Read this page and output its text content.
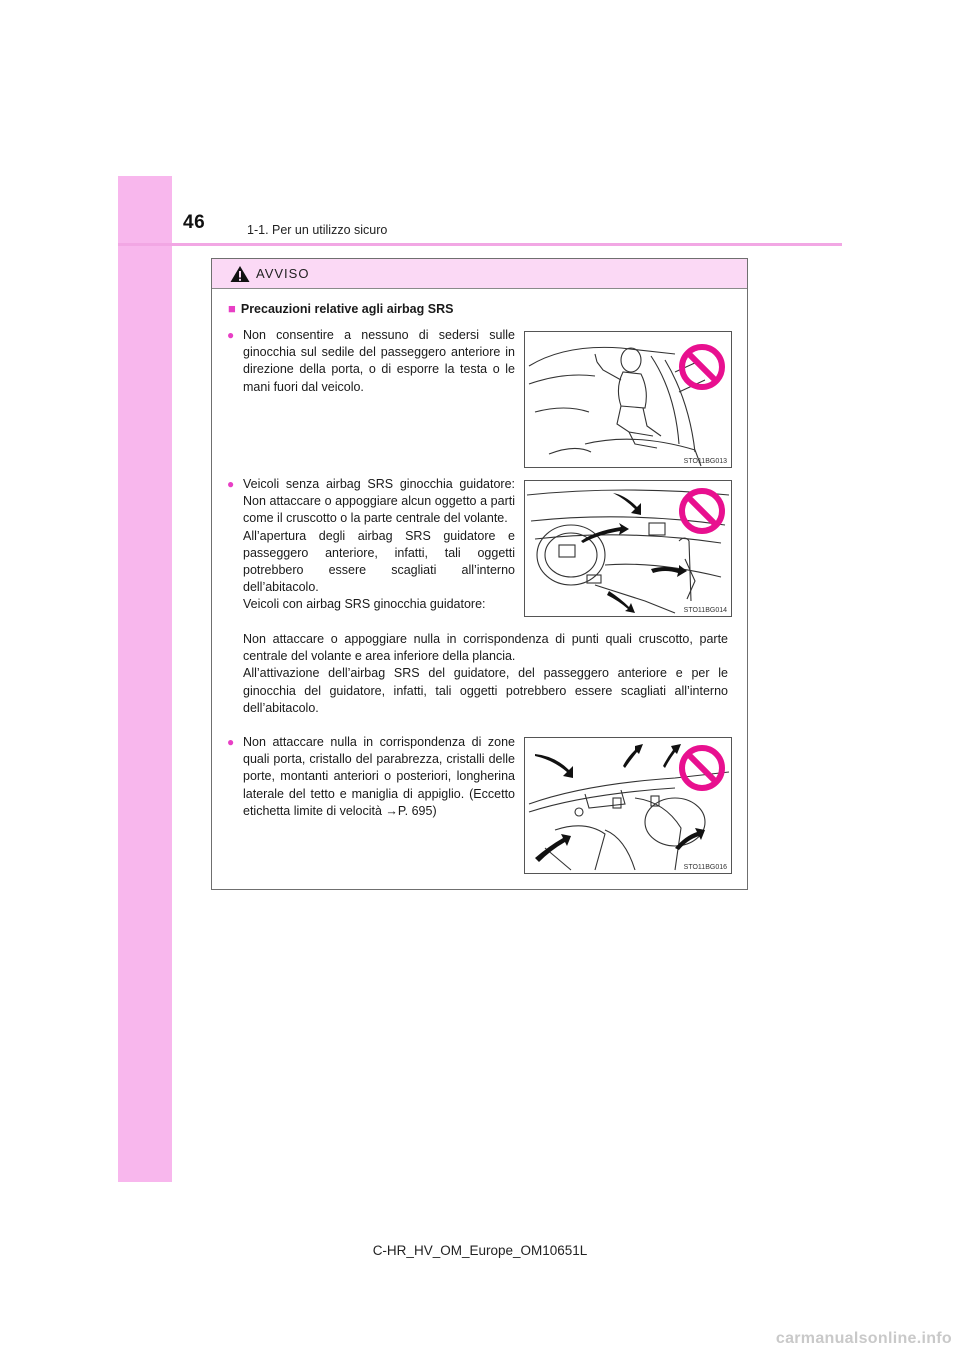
46	1-1. Per un utilizzo sicuro
AVVISO
■ Precauzioni relative agli airbag SRS
● Non consentire a nessuno di sedersi sulle ginocchia sul sedile del passeggero anteriore in direzione della porta, o di esporre la testa o le mani fuori dal veicolo.

STO11BG013
● Veicoli senza airbag SRS ginocchia guidatore: Non attaccare o appoggiare alcun oggetto a parti come il cruscotto o la parte centrale del volante.

All’apertura degli airbag SRS guidatore e passeggero anteriore, infatti, tali oggetti potrebbero essere scagliati all’interno dell’abitacolo.

Veicoli con airbag SRS ginocchia guidatore:

Non attaccare o appoggiare nulla in corrispondenza di punti quali cruscotto, parte centrale del volante e area inferiore della plancia.

All’attivazione dell’airbag SRS del guidatore, del passeggero anteriore e per le ginocchia del guidatore, infatti, tali oggetti potrebbero essere scagliati all’interno dell’abitacolo.

STO11BG014
● Non attaccare nulla in corrispondenza di zone quali porta, cristallo del parabrezza, cristalli delle porte, montanti anteriori o posteriori, longherina laterale del tetto e maniglia di appiglio. (Eccetto etichetta limite di velocità →P. 695)

STO11BG016
C-HR_HV_OM_Europe_OM10651L
carmanualsonline.info
